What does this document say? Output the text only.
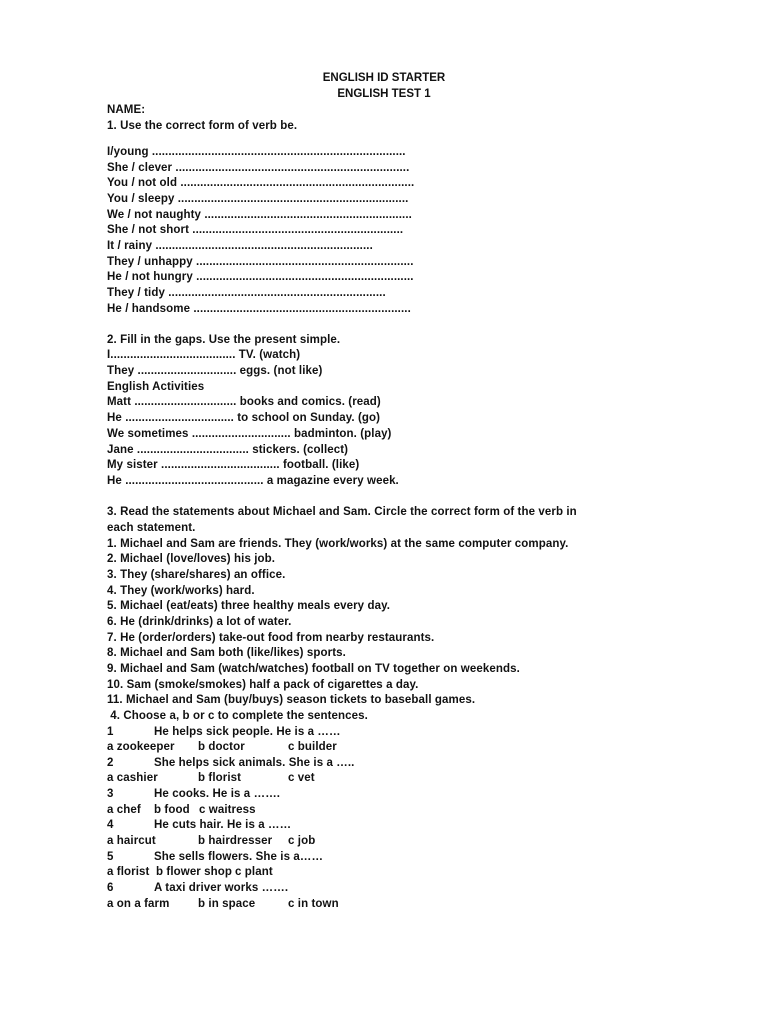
ENGLISH ID STARTER
ENGLISH TEST 1
NAME:
1. Use the correct form of verb be.
I/young .............................................................................
She / clever .......................................................................
You / not old .......................................................................
You / sleepy ......................................................................
We / not naughty ...............................................................
She / not short ................................................................
It / rainy ..................................................................
They / unhappy ..................................................................
He / not hungry ..................................................................
They / tidy ..................................................................
He / handsome ..................................................................
2. Fill in the gaps. Use the present simple.
I...................................... TV. (watch)
They .............................. eggs. (not like)
English Activities
Matt ............................... books and comics. (read)
He ................................. to school on Sunday. (go)
We sometimes .............................. badminton. (play)
Jane .................................. stickers. (collect)
My sister .................................... football. (like)
He .......................................... a magazine every week.
3. Read the statements about Michael and Sam. Circle the correct form of the verb in
each statement.
1. Michael and Sam are friends. They (work/works) at the same computer company.
2. Michael (love/loves) his job.
3. They (share/shares) an office.
4. They (work/works) hard.
5. Michael (eat/eats) three healthy meals every day.
6. He (drink/drinks) a lot of water.
7. He (order/orders) take-out food from nearby restaurants.
8. Michael and Sam both (like/likes) sports.
9. Michael and Sam (watch/watches) football on TV together on weekends.
10. Sam (smoke/smokes) half a pack of cigarettes a day.
11. Michael and Sam (buy/buys) season tickets to baseball games.
4. Choose a, b or c to complete the sentences.
1	He helps sick people. He is a ……
a zookeeper b doctor	c builder
2	She helps sick animals. She is a …..
a cashier	b florist	c vet
3	He cooks. He is a …….
a chef b food c waitress
4	He cuts hair. He is a ……
a haircut	b hairdresser c job
5	She sells flowers. She is a……
a florist b flower shop c plant
6	A taxi driver works …….
a on a farm b in space	c in town
